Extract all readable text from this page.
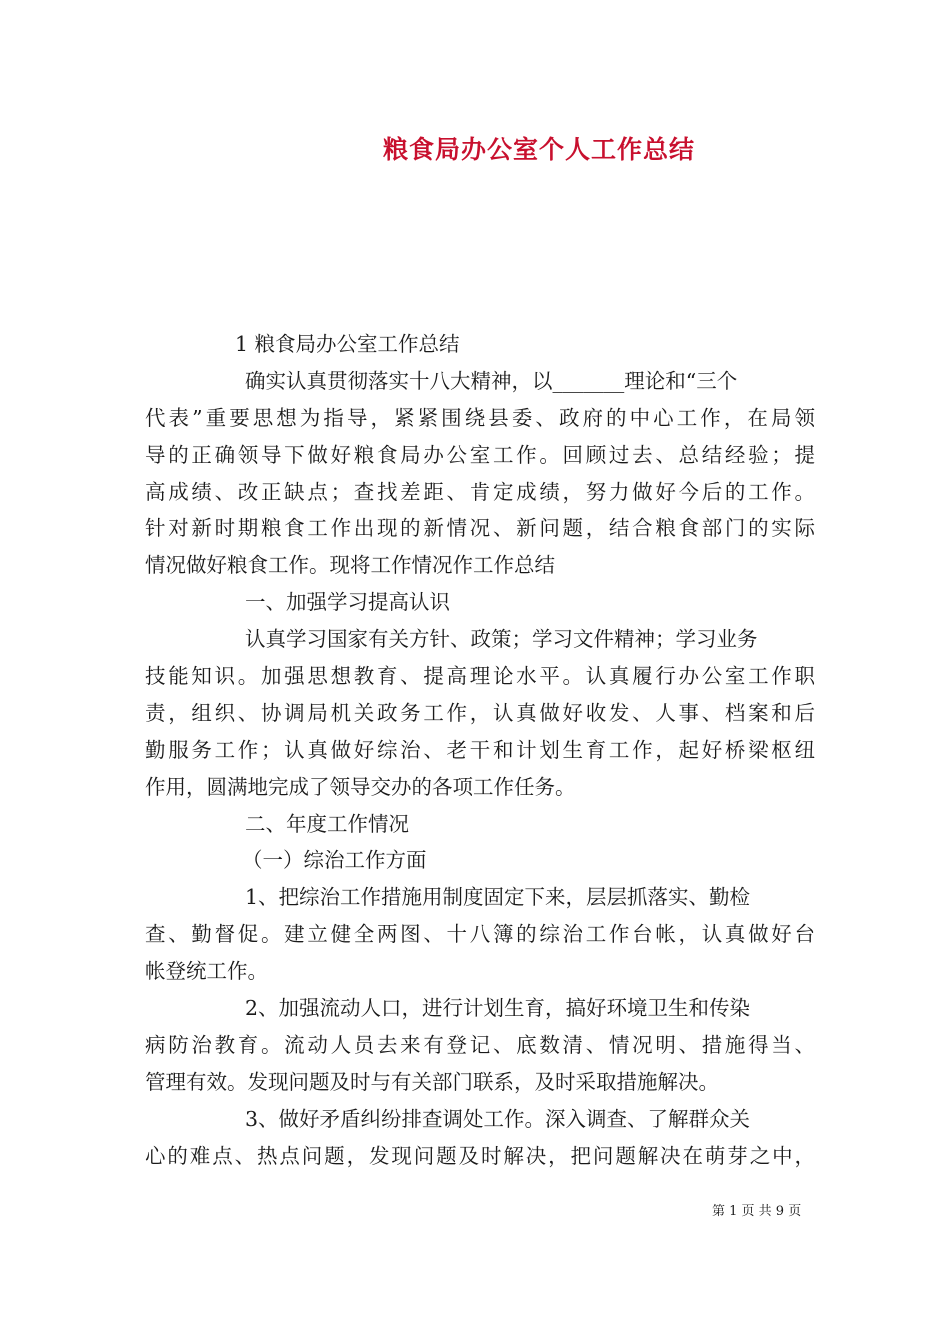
粮食局办公室个人工作总结
1 粮食局办公室工作总结
确实认真贯彻落实十八大精神，以_______理论和“三个
代表”重要思想为指导，紧紧围绕县委、政府的中心工作，在局领
导的正确领导下做好粮食局办公室工作。回顾过去、总结经验；提
高成绩、改正缺点；查找差距、肯定成绩，努力做好今后的工作。
针对新时期粮食工作出现的新情况、新问题，结合粮食部门的实际
情况做好粮食工作。现将工作情况作工作总结
一、加强学习提高认识
认真学习国家有关方针、政策；学习文件精神；学习业务
技能知识。加强思想教育、提高理论水平。认真履行办公室工作职
责，组织、协调局机关政务工作，认真做好收发、人事、档案和后
勤服务工作；认真做好综治、老干和计划生育工作，起好桥梁枢纽
作用，圆满地完成了领导交办的各项工作任务。
二、年度工作情况
（一）综治工作方面
1、把综治工作措施用制度固定下来，层层抓落实、勤检
查、勤督促。建立健全两图、十八簿的综治工作台帐，认真做好台
帐登统工作。
2、加强流动人口，进行计划生育，搞好环境卫生和传染
病防治教育。流动人员去来有登记、底数清、情况明、措施得当、
管理有效。发现问题及时与有关部门联系，及时采取措施解决。
3、做好矛盾纠纷排查调处工作。深入调查、了解群众关
心的难点、热点问题，发现问题及时解决，把问题解决在萌芽之中，
第 1 页 共 9 页
